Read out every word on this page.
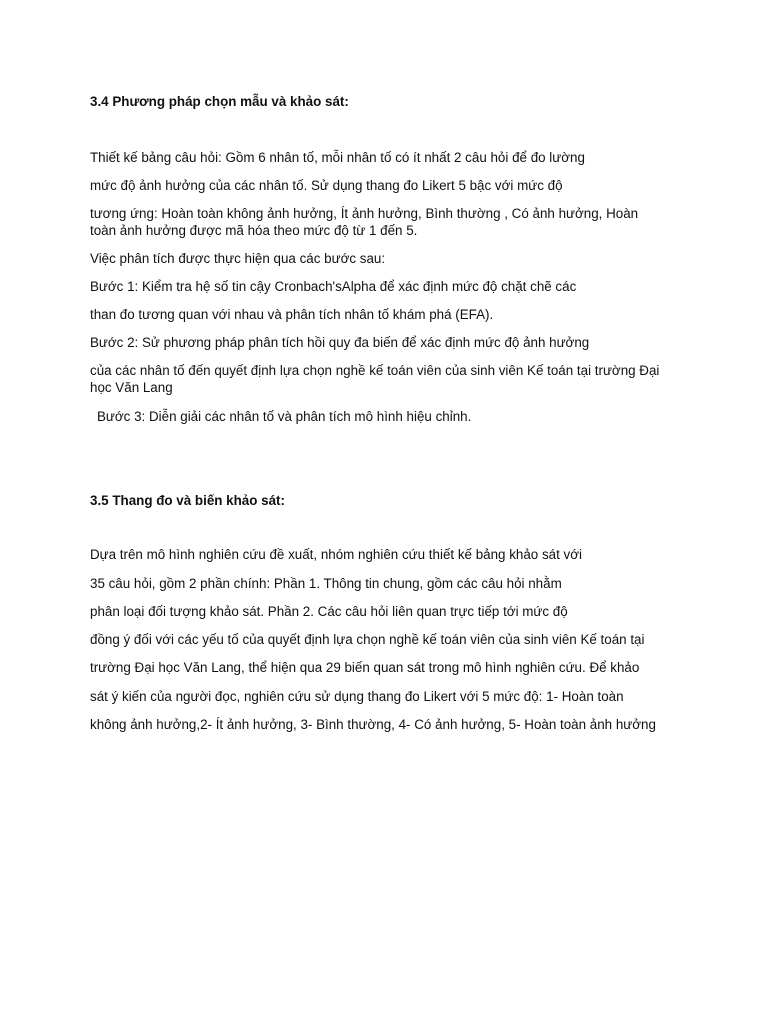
3.4 Phương pháp chọn mẫu và khảo sát:
Thiết kế bảng câu hỏi: Gồm 6 nhân tố, mỗi nhân tố có ít nhất 2 câu hỏi để đo lường
mức độ ảnh hưởng của các nhân tố. Sử dụng thang đo Likert 5 bậc với mức độ
tương ứng: Hoàn toàn không ảnh hưởng, Ít ảnh hưởng, Bình thường , Có ảnh hưởng, Hoàn
toàn ảnh hưởng được mã hóa theo mức độ từ 1 đến 5.
Việc phân tích được thực hiện qua các bước sau:
Bước 1: Kiểm tra hệ số tin cậy Cronbach'sAlpha để xác định mức độ chặt chẽ các
than đo tương quan với nhau và phân tích nhân tố khám phá (EFA).
Bước 2: Sử phương pháp phân tích hồi quy đa biến để xác định mức độ ảnh hưởng
của các nhân tố đến quyết định lựa chọn nghề kế toán viên của sinh viên Kế toán tại trường Đại
học Văn Lang
Bước 3: Diễn giải các nhân tố và phân tích mô hình hiệu chỉnh.
3.5 Thang đo và biến khảo sát:
Dựa trên mô hình nghiên cứu đề xuất, nhóm nghiên cứu thiết kế bảng khảo sát với
35 câu hỏi, gồm 2 phần chính: Phần 1. Thông tin chung, gồm các câu hỏi nhằm
phân loại đối tượng khảo sát. Phần 2. Các câu hỏi liên quan trực tiếp tới mức độ
đồng ý đối với các yếu tố của quyết định lựa chọn nghề kế toán viên của sinh viên Kế toán tại
trường Đại học Văn Lang, thể hiện qua 29 biến quan sát trong mô hình nghiên cứu. Để khảo
sát ý kiến của người đọc, nghiên cứu sử dụng thang đo Likert với 5 mức độ: 1- Hoàn toàn
không ảnh hưởng,2- Ít ảnh hưởng, 3- Bình thường, 4- Có ảnh hưởng, 5- Hoàn toàn ảnh hưởng
